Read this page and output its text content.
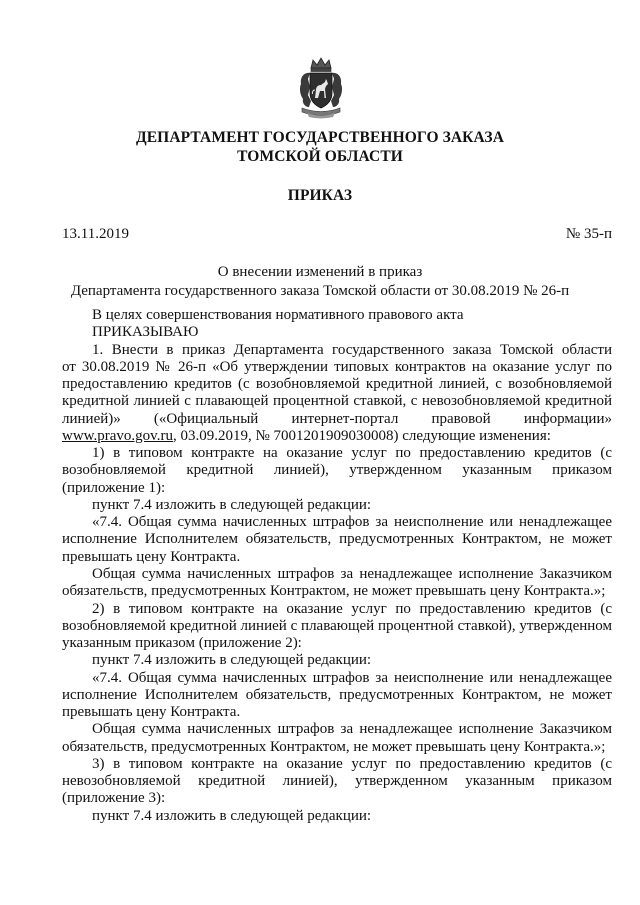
ДЕПАРТАМЕНТ ГОСУДАРСТВЕННОГО ЗАКАЗА
ТОМСКОЙ ОБЛАСТИ
ПРИКАЗ
13.11.2019	№ 35-п
О внесении изменений в приказ
Департамента государственного заказа Томской области от 30.08.2019 № 26-п
В целях совершенствования нормативного правового акта
ПРИКАЗЫВАЮ
1. Внести в приказ Департамента государственного заказа Томской области
от 30.08.2019 № 26-п «Об утверждении типовых контрактов на оказание услуг по
предоставлению кредитов (с возобновляемой кредитной линией, с возобновляемой
кредитной линией с плавающей процентной ставкой, с невозобновляемой кредитной
линией)» («Официальный интернет-портал правовой информации»
www.pravo.gov.ru, 03.09.2019, № 7001201909030008) следующие изменения:
1) в типовом контракте на оказание услуг по предоставлению кредитов (с
возобновляемой кредитной линией), утвержденном указанным приказом
(приложение 1):
пункт 7.4 изложить в следующей редакции:
«7.4. Общая сумма начисленных штрафов за неисполнение или ненадлежащее
исполнение Исполнителем обязательств, предусмотренных Контрактом, не может
превышать цену Контракта.
Общая сумма начисленных штрафов за ненадлежащее исполнение Заказчиком
обязательств, предусмотренных Контрактом, не может превышать цену Контракта.»;
2) в типовом контракте на оказание услуг по предоставлению кредитов (с
возобновляемой кредитной линией с плавающей процентной ставкой), утвержденном
указанным приказом (приложение 2):
пункт 7.4 изложить в следующей редакции:
«7.4. Общая сумма начисленных штрафов за неисполнение или ненадлежащее
исполнение Исполнителем обязательств, предусмотренных Контрактом, не может
превышать цену Контракта.
Общая сумма начисленных штрафов за ненадлежащее исполнение Заказчиком
обязательств, предусмотренных Контрактом, не может превышать цену Контракта.»;
3) в типовом контракте на оказание услуг по предоставлению кредитов (с
невозобновляемой кредитной линией), утвержденном указанным приказом
(приложение 3):
пункт 7.4 изложить в следующей редакции:
